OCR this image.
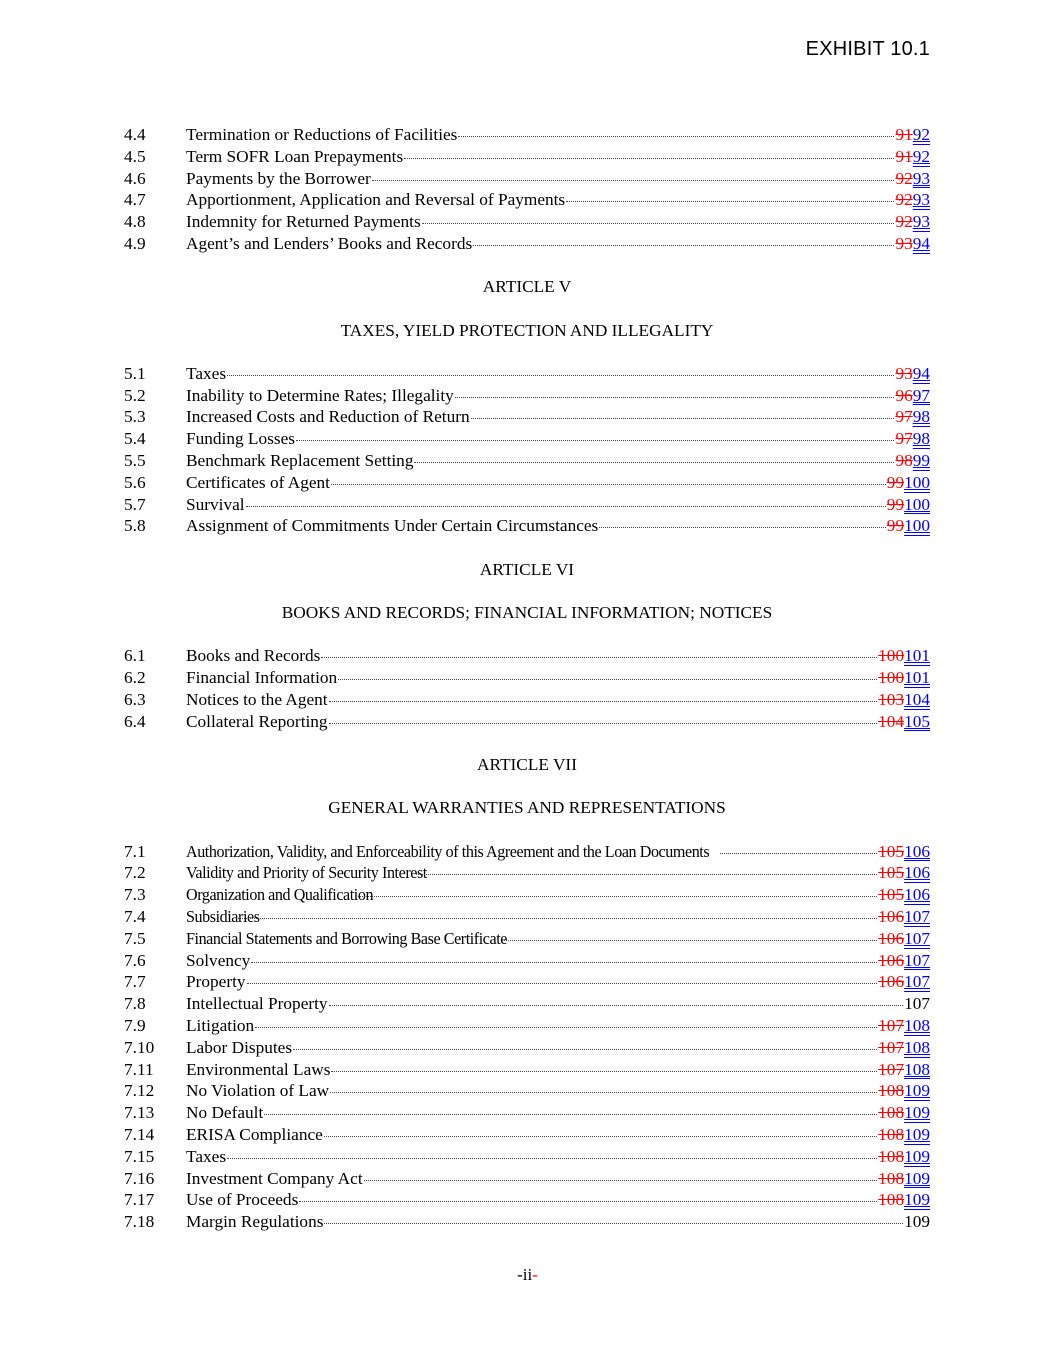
EXHIBIT 10.1
4.4	Termination or Reductions of Facilities	9192
4.5	Term SOFR Loan Prepayments	9192
4.6	Payments by the Borrower	9293
4.7	Apportionment, Application and Reversal of Payments	9293
4.8	Indemnity for Returned Payments	9293
4.9	Agent’s and Lenders’ Books and Records	9394
ARTICLE V
TAXES, YIELD PROTECTION AND ILLEGALITY
5.1	Taxes	9394
5.2	Inability to Determine Rates; Illegality	9697
5.3	Increased Costs and Reduction of Return	9798
5.4	Funding Losses	9798
5.5	Benchmark Replacement Setting	9899
5.6	Certificates of Agent	99100
5.7	Survival	99100
5.8	Assignment of Commitments Under Certain Circumstances	99100
ARTICLE VI
BOOKS AND RECORDS; FINANCIAL INFORMATION; NOTICES
6.1	Books and Records	100101
6.2	Financial Information	100101
6.3	Notices to the Agent	103104
6.4	Collateral Reporting	104105
ARTICLE VII
GENERAL WARRANTIES AND REPRESENTATIONS
7.1	Authorization, Validity, and Enforceability of this Agreement and the Loan Documents	105106
7.2	Validity and Priority of Security Interest	105106
7.3	Organization and Qualification	105106
7.4	Subsidiaries	106107
7.5	Financial Statements and Borrowing Base Certificate	106107
7.6	Solvency	106107
7.7	Property	106107
7.8	Intellectual Property	107
7.9	Litigation	107108
7.10	Labor Disputes	107108
7.11	Environmental Laws	107108
7.12	No Violation of Law	108109
7.13	No Default	108109
7.14	ERISA Compliance	108109
7.15	Taxes	108109
7.16	Investment Company Act	108109
7.17	Use of Proceeds	108109
7.18	Margin Regulations	109
-ii-
